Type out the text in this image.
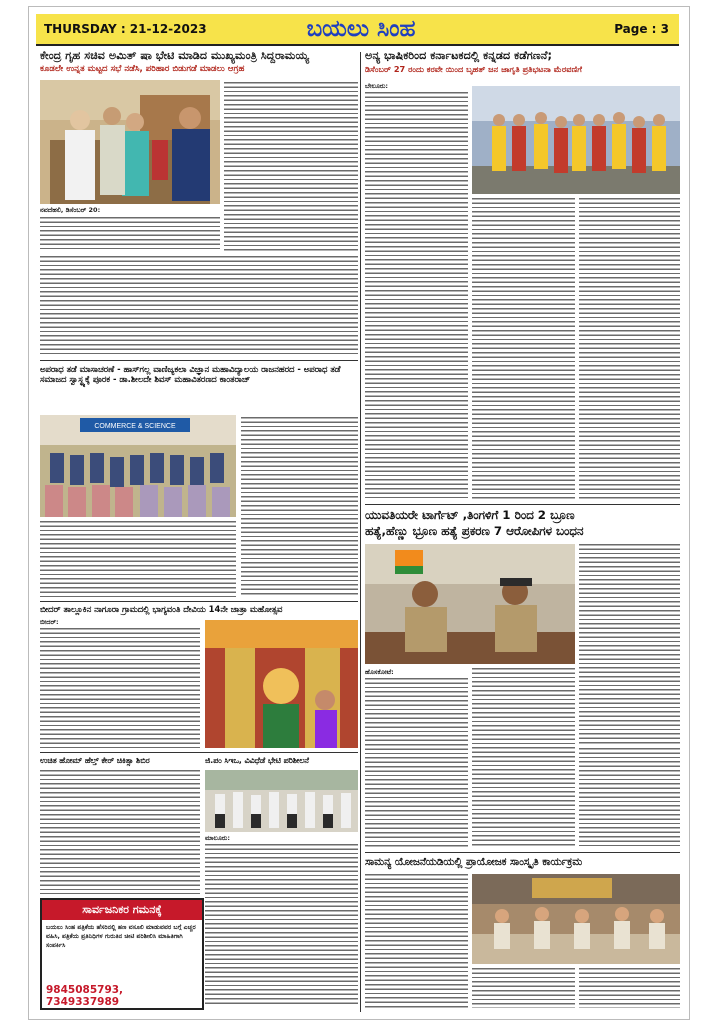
THURSDAY : 21-12-2023	ಬಯಲು ಸಿಂಹ	Page : 3
ಕೇಂದ್ರ ಗೃಹ ಸಚಿವ ಅಮಿತ್ ಷಾ ಭೇಟಿ ಮಾಡಿದ ಮುಖ್ಯಮಂತ್ರಿ ಸಿದ್ದರಾಮಯ್ಯ
ಕೂಡಲೇ ಉನ್ನತ ಮಟ್ಟದ ಸಭೆ ನಡೆಸಿ, ಪರಿಹಾರ ಬಿಡುಗಡೆ ಮಾಡಲು ಆಗ್ರಹ
ನವದೆಹಲಿ, ಡಿಸೆಂಬರ್ 20:
ಅಪರಾಧ ತಡೆ ಮಾಸಾಚರಣೆ - ಹಾಸ್‌ಗಲ್ಲ ವಾಣಿಜ್ಯಕಲಾ ವಿಜ್ಞಾನ ಮಹಾವಿದ್ಯಾಲಯ ರಾಜನಹರದ - ಅಪರಾಧ ತಡೆ ಸಮಾಜದ ಸ್ವಾಸ್ಥ್ಯಕ್ಕೆ ಪೂರಕ - ಡಾ.ಶೀಲದೇ ಶಿವಸ್ ಮಹಾವಿತರಣದ ಕಾಂತರಾಜ್
COMMERCE & SCIENCE
ಬೀದರ್ ತಾಲ್ಲೂಕಿನ ನಾಗೂರಾ ಗ್ರಾಮದಲ್ಲಿ ಭಾಗ್ಯವಂತಿ ದೇವಿಯ 14ನೇ ಜಾತ್ರಾ ಮಹೋತ್ಸವ
ಬೀದರ್:
ಉಚಿತ ಹೋಮ್ ಹೆಲ್ತ್ ಕೇರ್ ಚಿಕಿತ್ಸಾ ಶಿಬಿರ	ಜಿ.ಪಂ ಸಿಇಒ, ವಿವಿಧೆಡೆ ಭೇಟಿ ಪರಿಶೀಲನೆ
ಮಾಲೂರು:
ಸಾರ್ವಜನಿಕರ ಗಮನಕ್ಕೆ
ಬಯಲು ಸಿಂಹ ಪತ್ರಿಕೆಯ ಹೆಸರಿನಲ್ಲಿ ಹಣ ವಸೂಲಿ ಮಾಡುವವರ ಬಗ್ಗೆ ಎಚ್ಚರ ವಹಿಸಿ, ಪತ್ರಿಕೆಯ ಪ್ರತಿನಿಧಿಗಳ ಗುರುತಿನ ಚೀಟಿ ಪರಿಶೀಲಿಸಿ ಮಾಹಿತಿಗಾಗಿ ಸಂಪರ್ಕಿಸಿ
9845085793, 7349337989
ಅನ್ಯ ಭಾಷಿಕರಿಂದ ಕರ್ನಾಟಕದಲ್ಲಿ ಕನ್ನಡದ ಕಡೆಗಣನೆ;
ಡಿಸೆಂಬರ್ 27 ರಂದು ಕರವೇ ಯಿಂದ ಬೃಹತ್ ಜನ ಜಾಗೃತಿ ಪ್ರತಿಭಟನಾ ಮೆರವಣಿಗೆ
ಬೇಲೂರು:
ಯುವತಿಯರೇ ಟಾರ್ಗೆಟ್ ,ತಿಂಗಳಿಗೆ 1 ರಿಂದ 2 ಬ್ರೂಣ
ಹತ್ಯೆ,ಹೆಣ್ಣು ಭ್ರೂಣ ಹತ್ಯೆ ಪ್ರಕರಣ 7 ಆರೋಪಿಗಳ ಬಂಧನ
ಹೊಸಕೋಟೆ:
ಸಾಮನ್ಯ ಯೋಜನೆಯಡಿಯಲ್ಲಿ ಪ್ರಾಯೋಜಕ ಸಾಂಸ್ಕೃತಿ ಕಾರ್ಯಕ್ರಮ
